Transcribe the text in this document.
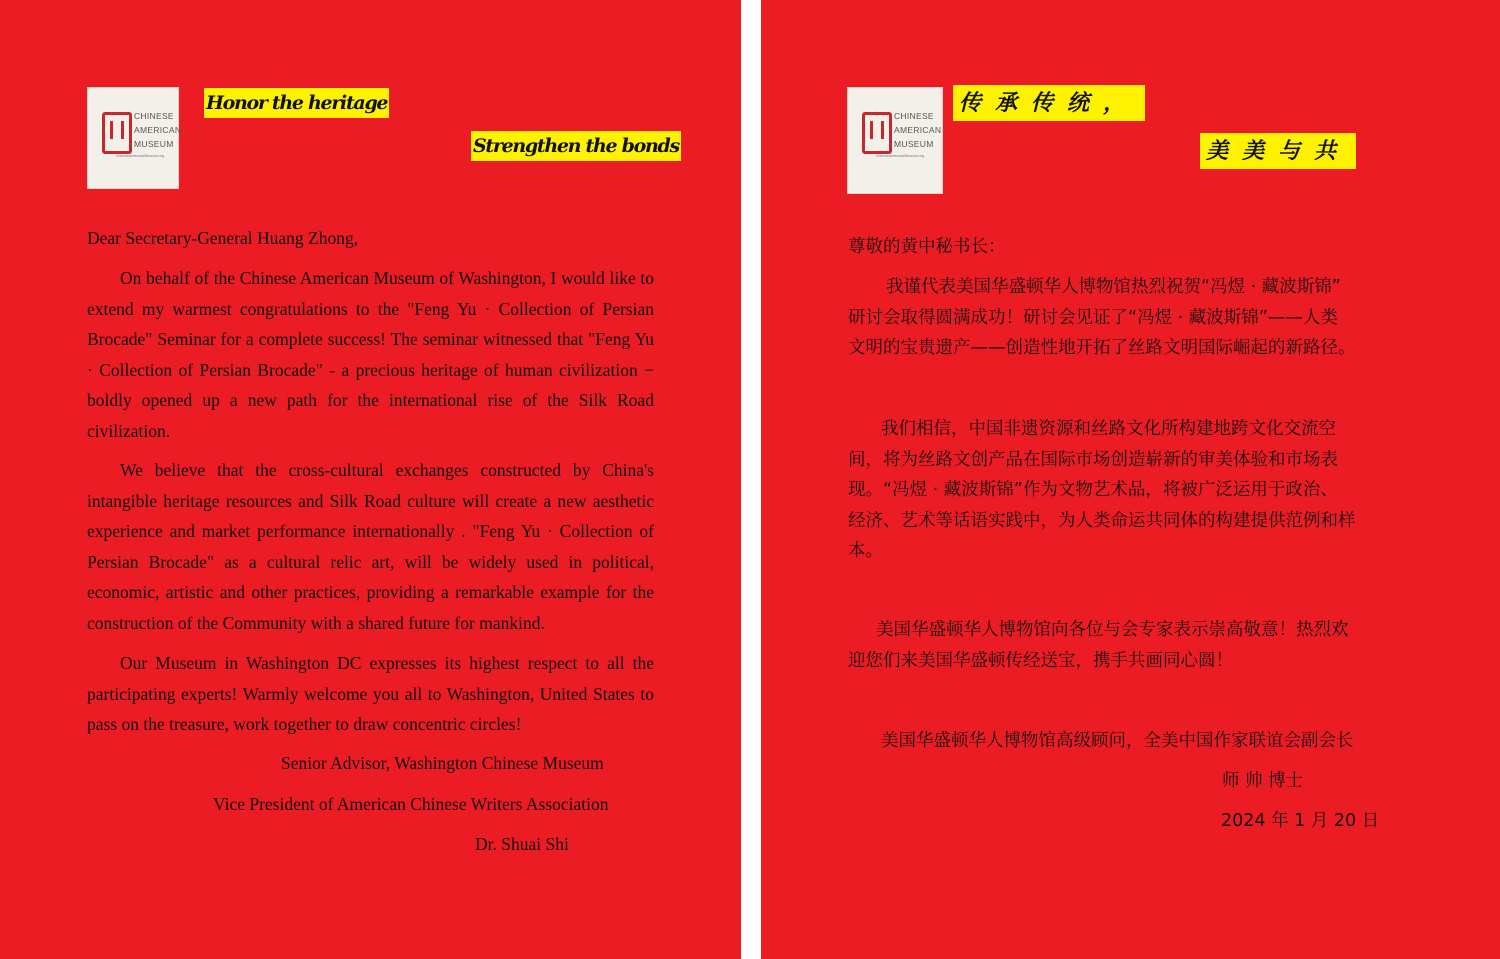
CHINESE
AMERICAN
MUSEUM
ChineseAmericanMuseum.org
Honor the heritage
Strengthen the bonds
Dear Secretary-General Huang Zhong,
On behalf of the Chinese American Museum of Washington, I would like to extend my warmest congratulations to the "Feng Yu · Collection of Persian Brocade" Seminar for a complete success! The seminar witnessed that "Feng Yu · Collection of Persian Brocade" - a precious heritage of human civilization − boldly opened up a new path for the international rise of the Silk Road civilization.
We believe that the cross-cultural exchanges constructed by China's intangible heritage resources and Silk Road culture will create a new aesthetic experience and market performance internationally . "Feng Yu · Collection of Persian Brocade" as a cultural relic art, will be widely used in political, economic, artistic and other practices, providing a remarkable example for the construction of the Community with a shared future for mankind.
Our Museum in Washington DC expresses its highest respect to all the participating experts! Warmly welcome you all to Washington, United States to pass on the treasure, work together to draw concentric circles!
Senior Advisor, Washington Chinese Museum
Vice President of American Chinese Writers Association
Dr. Shuai Shi
CHINESE
AMERICAN
MUSEUM
ChineseAmericanMuseum.org
传承传统，
美美与共
尊敬的黄中秘书长：
我谨代表美国华盛顿华人博物馆热烈祝贺“冯煜 · 藏波斯锦”
研讨会取得圆满成功！研讨会见证了“冯煜 · 藏波斯锦”——人类
文明的宝贵遗产——创造性地开拓了丝路文明国际崛起的新路径。
我们相信，中国非遗资源和丝路文化所构建地跨文化交流空
间，将为丝路文创产品在国际市场创造崭新的审美体验和市场表
现。“冯煜 · 藏波斯锦”作为文物艺术品，将被广泛运用于政治、
经济、艺术等话语实践中，为人类命运共同体的构建提供范例和样
本。
美国华盛顿华人博物馆向各位与会专家表示崇高敬意！热烈欢
迎您们来美国华盛顿传经送宝，携手共画同心圆！
美国华盛顿华人博物馆高级顾问，全美中国作家联谊会副会长
师 帅 博士
2024 年 1 月 20 日
